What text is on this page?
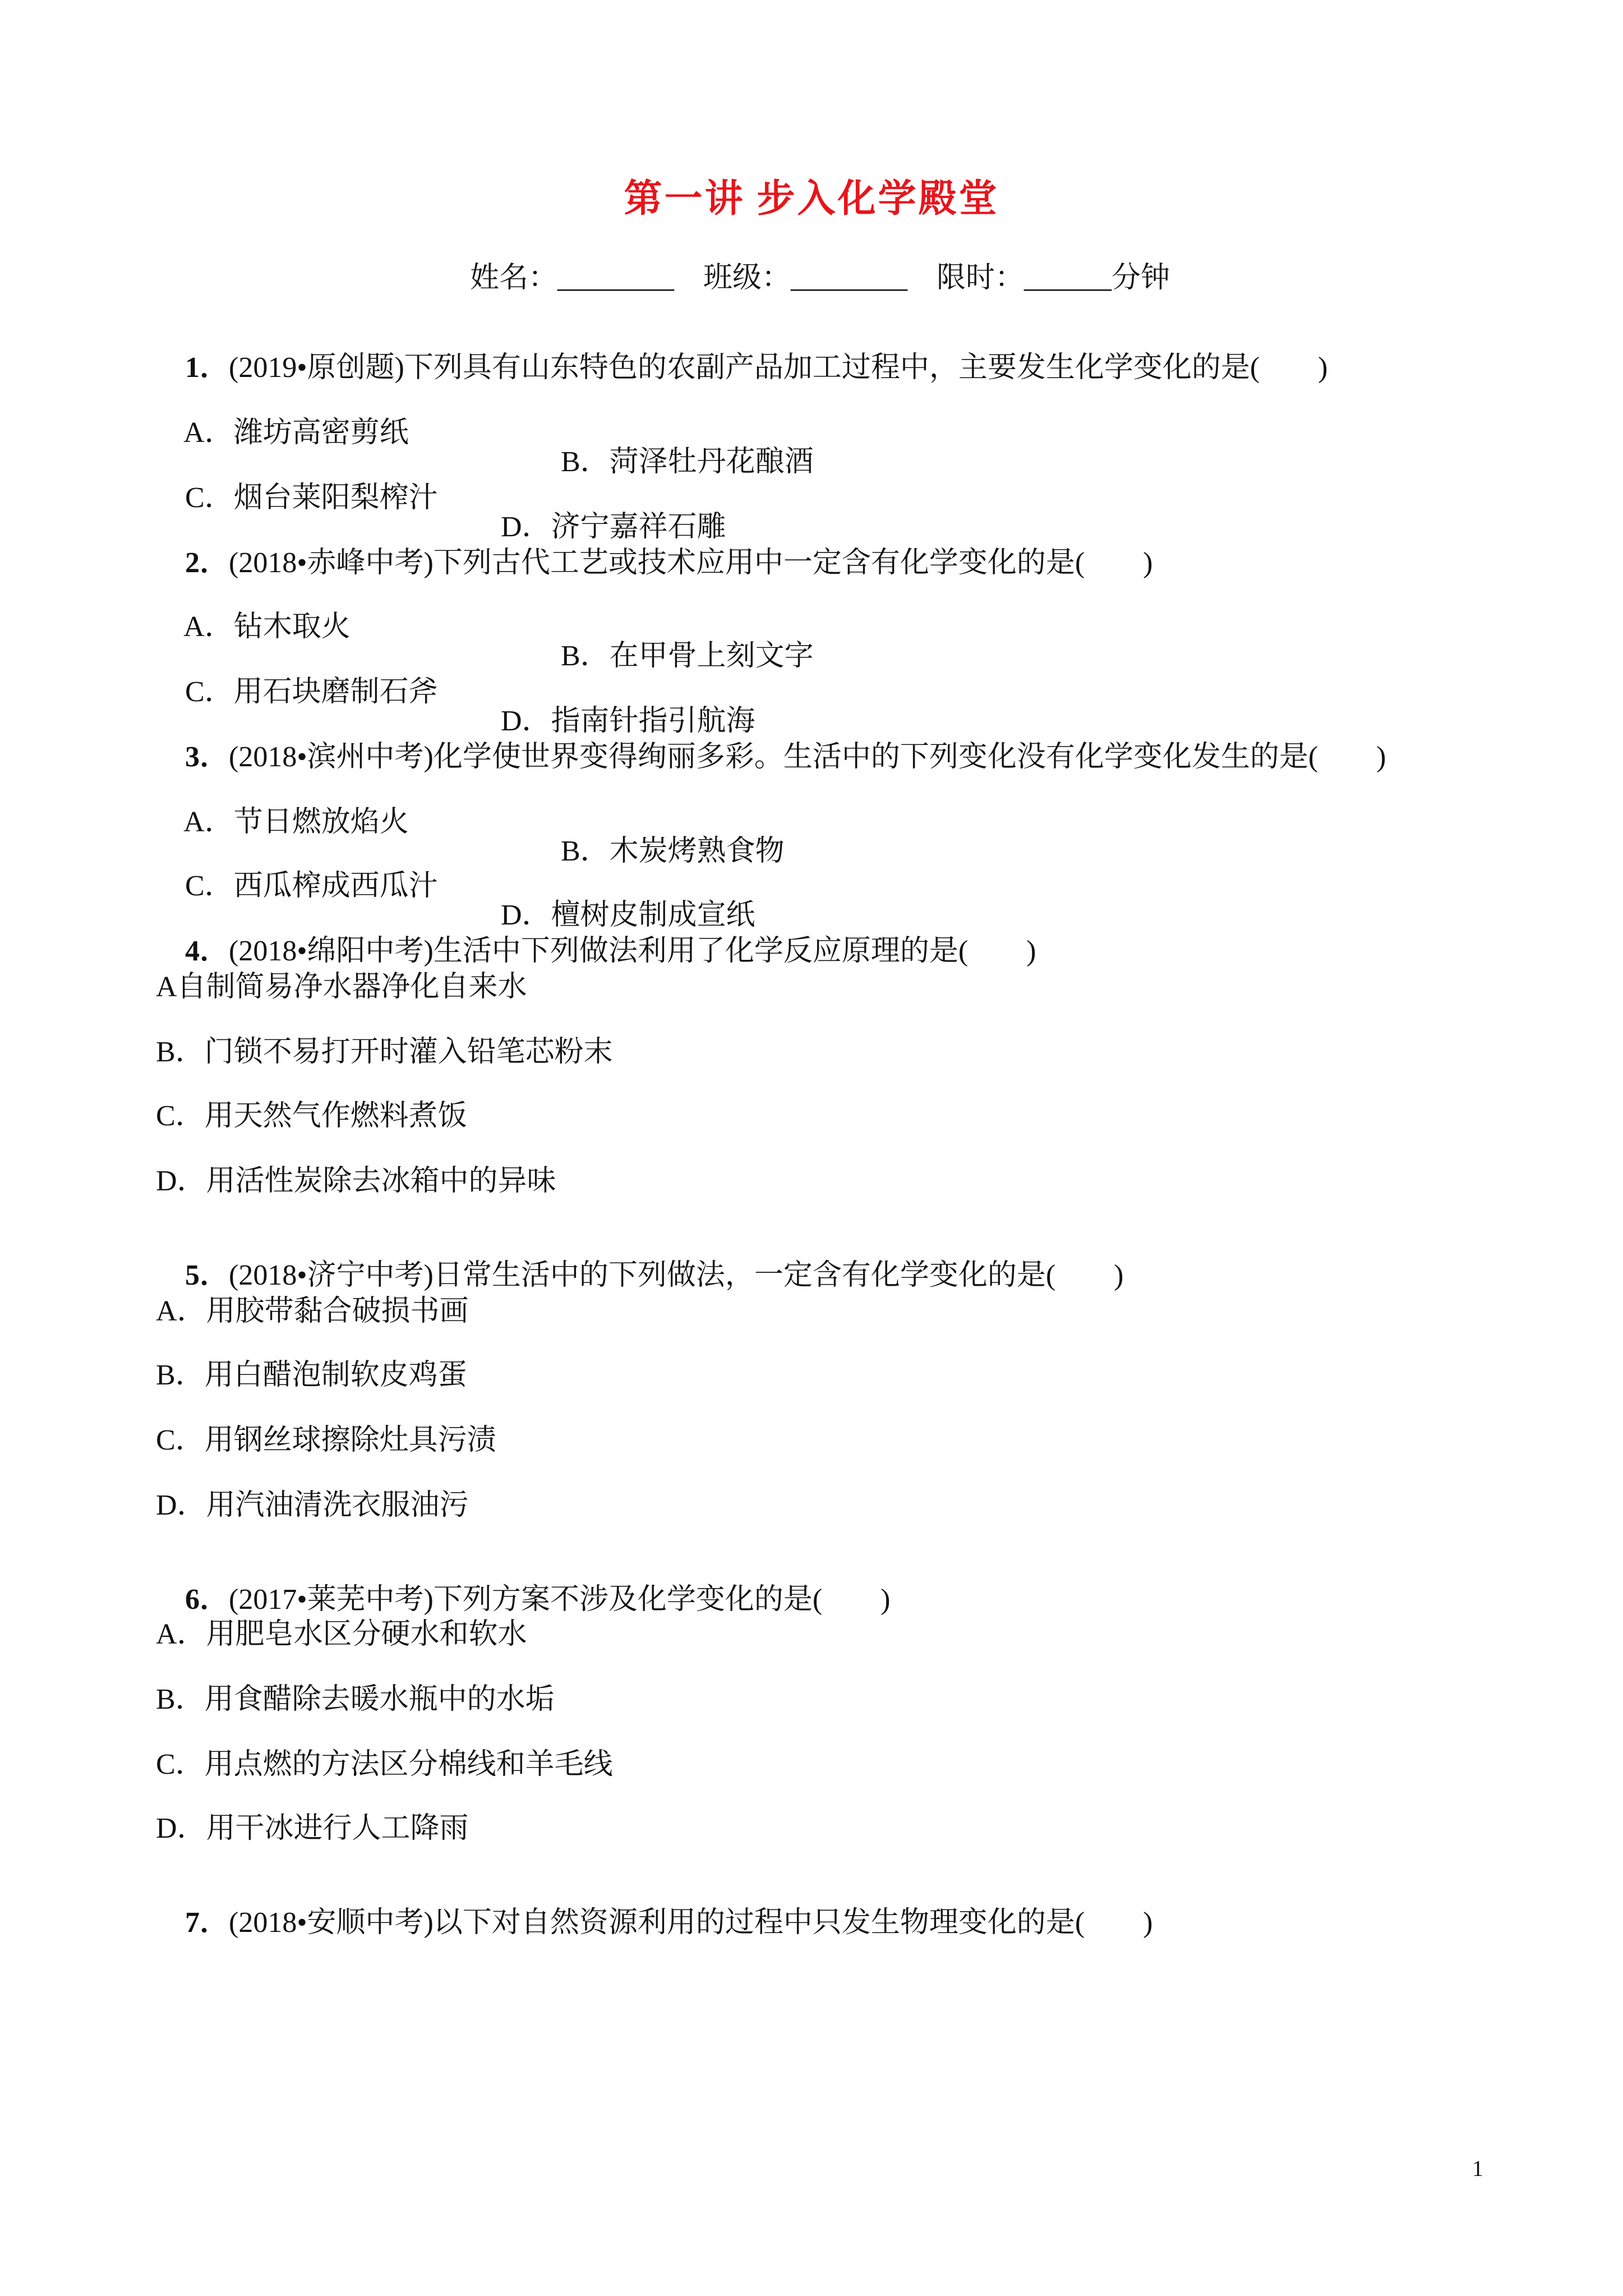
第一讲 步入化学殿堂
姓名：________    班级：________    限时：______分钟

1．(2019•原创题)下列具有山东特色的农副产品加工过程中，主要发生化学变化的是(　　)

A．潍坊高密剪纸

B．菏泽牡丹花酿酒

C．烟台莱阳梨榨汁

D．济宁嘉祥石雕

2．(2018•赤峰中考)下列古代工艺或技术应用中一定含有化学变化的是(　　)

A．钻木取火

B．在甲骨上刻文字

C．用石块磨制石斧

D．指南针指引航海

3．(2018•滨州中考)化学使世界变得绚丽多彩。生活中的下列变化没有化学变化发生的是(　　)

A．节日燃放焰火

B．木炭烤熟食物

C．西瓜榨成西瓜汁

D．檀树皮制成宣纸

4．(2018•绵阳中考)生活中下列做法利用了化学反应原理的是(　　)

A自制简易净水器净化自来水
B．门锁不易打开时灌入铅笔芯粉末
C．用天然气作燃料煮饭
D．用活性炭除去冰箱中的异味

5．(2018•济宁中考)日常生活中的下列做法，一定含有化学变化的是(　　)

A．用胶带黏合破损书画
B．用白醋泡制软皮鸡蛋
C．用钢丝球擦除灶具污渍
D．用汽油清洗衣服油污

6．(2017•莱芜中考)下列方案不涉及化学变化的是(　　)

A．用肥皂水区分硬水和软水
B．用食醋除去暖水瓶中的水垢
C．用点燃的方法区分棉线和羊毛线
D．用干冰进行人工降雨

7．(2018•安顺中考)以下对自然资源利用的过程中只发生物理变化的是(　　)

1
